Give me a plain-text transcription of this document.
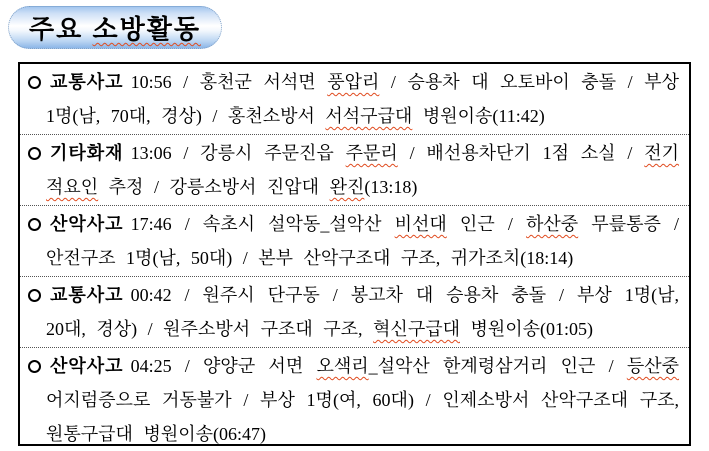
주요 소방활동

교통사고 10:56 / 홍천군 서석면 풍압리 / 승용차 대 오토바이 충돌 / 부상 1명(남, 70대, 경상) / 홍천소방서 서석구급대 병원이송(11:42)

기타화재 13:06 / 강릉시 주문진읍 주문리 / 배선용차단기 1점 소실 / 전기적요인 추정 / 강릉소방서 진압대 완진(13:18)

산악사고 17:46 / 속초시 설악동_설악산 비선대 인근 / 하산중 무릎통증 / 안전구조 1명(남, 50대) / 본부 산악구조대 구조, 귀가조치(18:14)

교통사고 00:42 / 원주시 단구동 / 봉고차 대 승용차 충돌 / 부상 1명(남, 20대, 경상) / 원주소방서 구조대 구조, 혁신구급대 병원이송(01:05)

산악사고 04:25 / 양양군 서면 오색리_설악산 한계령삼거리 인근 / 등산중 어지럼증으로 거동불가 / 부상 1명(여, 60대) / 인제소방서 산악구조대 구조, 원통구급대 병원이송(06:47)
